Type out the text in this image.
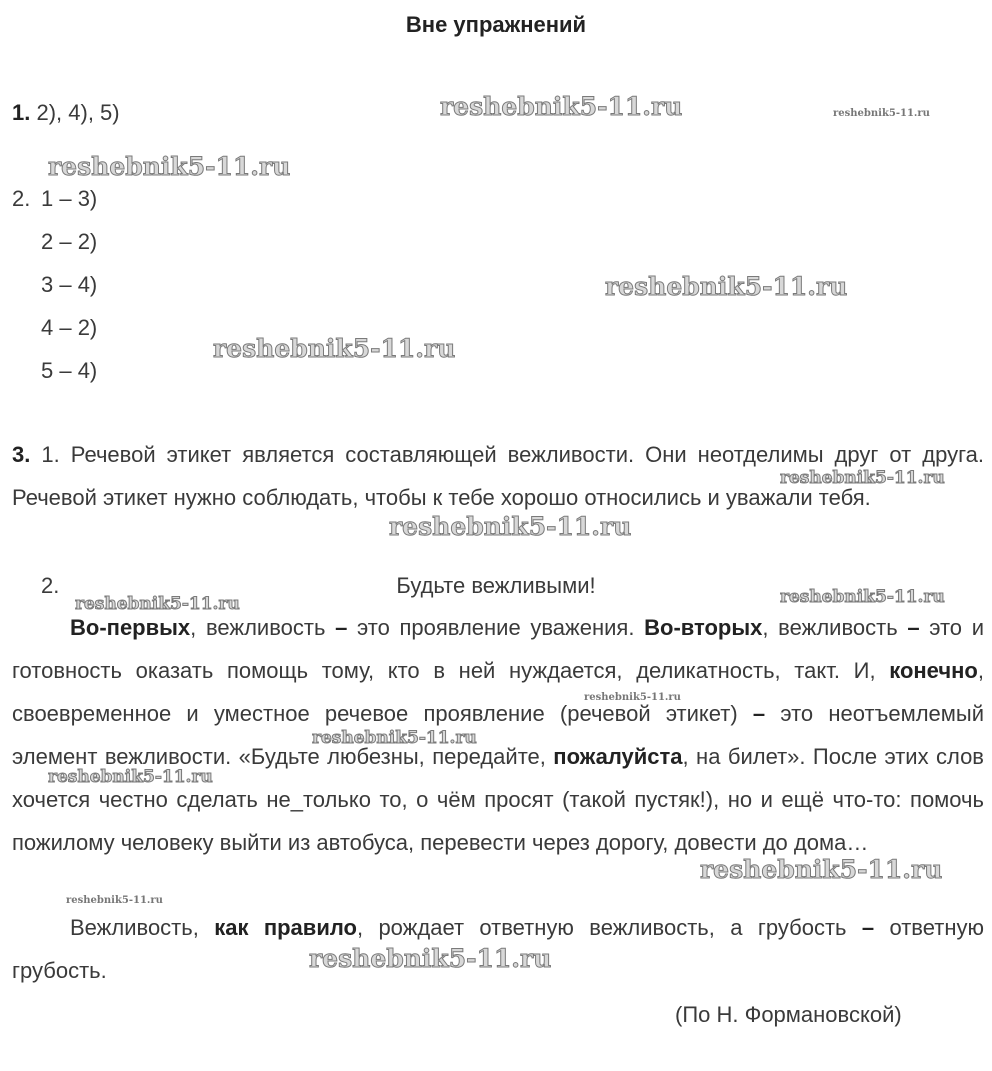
Вне упражнений
1. 2), 4), 5)
2. 1 – 3)
2 – 2)
3 – 4)
4 – 2)
5 – 4)
3. 1. Речевой этикет является составляющей вежливости. Они неотделимы друг от друга. Речевой этикет нужно соблюдать, чтобы к тебе хорошо относились и уважали тебя.
2.	Будьте вежливыми!
Во-первых, вежливость – это проявление уважения. Во-вторых, вежливость – это и готовность оказать помощь тому, кто в ней нуждается, деликатность, такт. И, конечно, своевременное и уместное речевое проявление (речевой этикет) – это неотъемлемый элемент вежливости. «Будьте любезны, передайте, пожалуйста, на билет». После этих слов хочется честно сделать не_только то, о чём просят (такой пустяк!), но и ещё что-то: помочь пожилому человеку выйти из автобуса, перевести через дорогу, довести до дома…
Вежливость, как правило, рождает ответную вежливость, а грубость – ответную грубость.
(По Н. Формановской)
reshebnik5-11.ru	reshebnik5-11.ru
reshebnik5-11.ru
reshebnik5-11.ru
reshebnik5-11.ru
reshebnik5-11.ru
reshebnik5-11.ru
reshebnik5-11.ru	reshebnik5-11.ru
reshebnik5-11.ru
reshebnik5-11.ru
reshebnik5-11.ru
reshebnik5-11.ru
reshebnik5-11.ru
reshebnik5-11.ru
